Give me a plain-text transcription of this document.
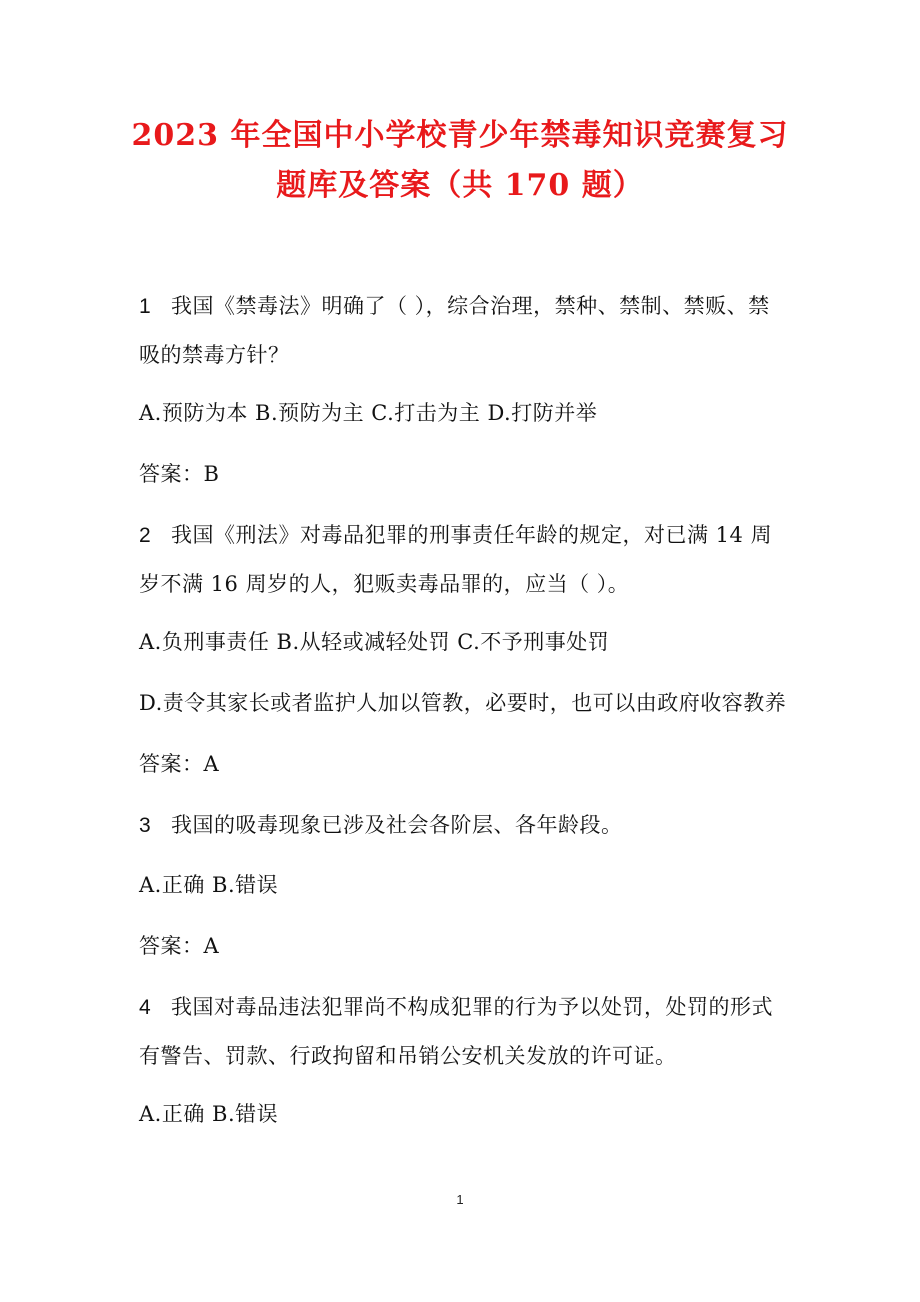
2023 年全国中小学校青少年禁毒知识竞赛复习
题库及答案（共 170 题）
1 我国《禁毒法》明确了（ ），综合治理，禁种、禁制、禁贩、禁
吸的禁毒方针？
A.预防为本 B.预防为主 C.打击为主 D.打防并举
答案：B
2 我国《刑法》对毒品犯罪的刑事责任年龄的规定，对已满 14 周
岁不满 16 周岁的人，犯贩卖毒品罪的，应当（ ）。
A.负刑事责任 B.从轻或减轻处罚 C.不予刑事处罚
D.责令其家长或者监护人加以管教，必要时，也可以由政府收容教养
答案：A
3 我国的吸毒现象已涉及社会各阶层、各年龄段。
A.正确 B.错误
答案：A
4 我国对毒品违法犯罪尚不构成犯罪的行为予以处罚，处罚的形式
有警告、罚款、行政拘留和吊销公安机关发放的许可证。
A.正确 B.错误
1
